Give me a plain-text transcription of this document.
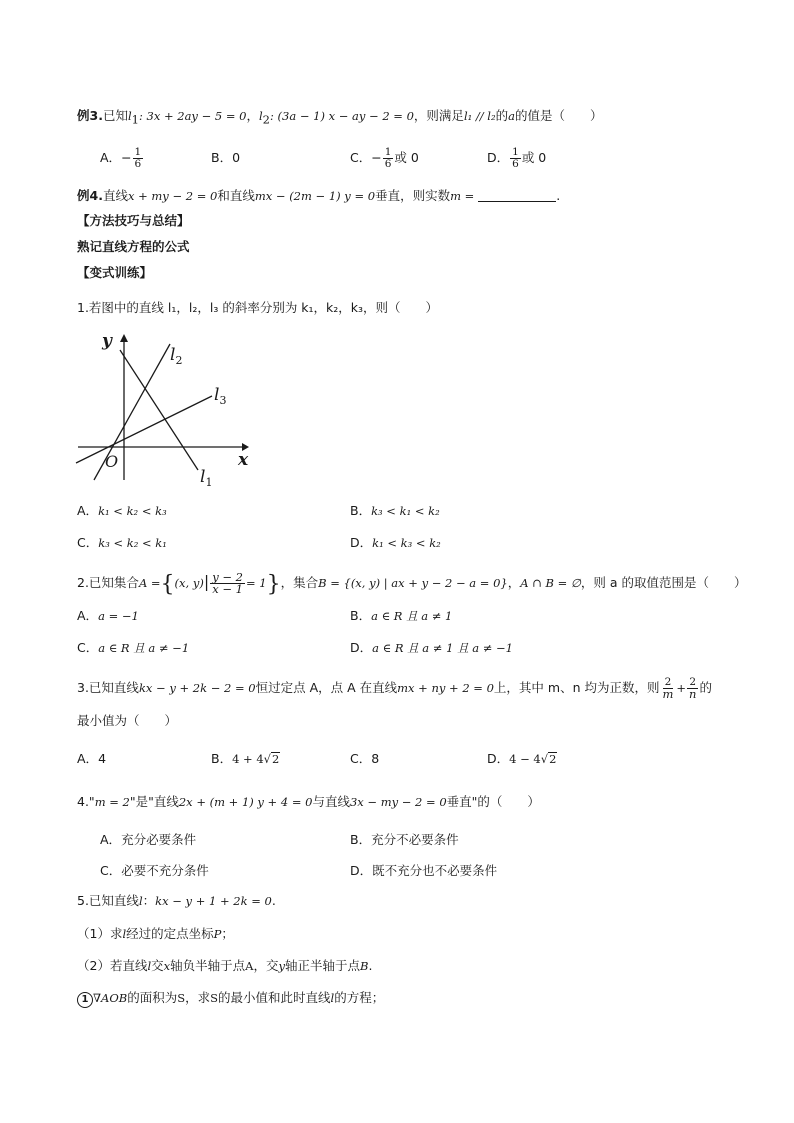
例3.已知$l_1$: 3x + 2ay − 5 = 0，$l_2$: (3a − 1) x − ay − 2 = 0，则满足l₁ // l₂的a的值是（　　）
A．− $\frac{1}{6}$	B．0	C．− $\frac{1}{6}$ 或 0	D． $\frac{1}{6}$ 或 0
例4.直线x + my − 2 = 0和直线mx − (2m − 1) y = 0垂直，则实数m =	.
【方法技巧与总结】
熟记直线方程的公式
【变式训练】
1.若图中的直线 l₁，l₂，l₃ 的斜率分别为 k₁，k₂，k₃，则（　　）
y
x
O
$l_2$
$l_3$
$l_1$
A．k₁ < k₂ < k₃	B．k₃ < k₁ < k₂
C．k₃ < k₂ < k₁	D．k₁ < k₃ < k₂
2.已知集合A ={(x, $y)| \frac{y - 2}{x - 1} = 1$}，集合B = {(x, y) | ax + y − 2 − a = 0}，A ∩ B = ∅，则 a 的取值范围是（　　）
A．a = −1	B．a ∈ R 且 a ≠ 1
C．a ∈ R 且 a ≠ −1	D．a ∈ R 且 a ≠ 1 且 a ≠ −1
3.已知直线kx − y + 2k − 2 = 0恒过定点 A，点 A 在直线mx + ny + 2 = 0上，其中 m、n 均为正数，则 $\frac{2}{m} + \frac{2}{n}$ 的
最小值为（　　）
A．4	B．4 + 4√2	C．8	D．4 − 4√2
4."m = 2"是"直线2x + (m + 1) y + 4 = 0与直线3x − my − 2 = 0垂直"的（　　）
A．充分必要条件	B．充分不必要条件
C．必要不充分条件	D．既不充分也不必要条件
5.已知直线l：kx − y + 1 + 2k = 0.
（1）求l经过的定点坐标P；
（2）若直线l交x轴负半轴于点A，交y轴正半轴于点B.
1 ∇AOB的面积为S，求S的最小值和此时直线l的方程；
